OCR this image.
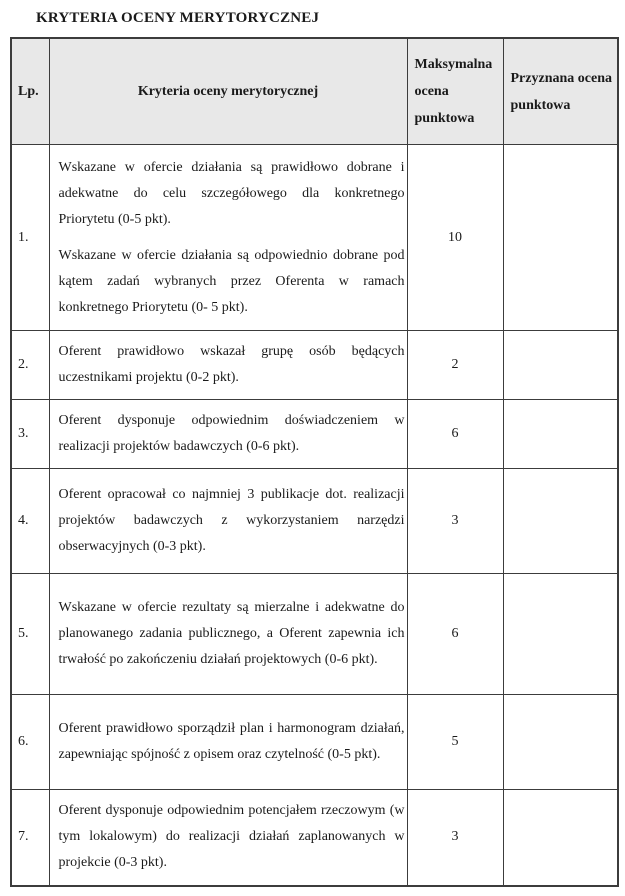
KRYTERIA OCENY MERYTORYCZNEJ
Lp.	Kryteria oceny merytorycznej	Maksymalna ocena punktowa	Przyznana ocena punktowa
1.	Wskazane w ofercie działania są prawidłowo dobrane i adekwatne do celu szczegółowego dla konkretnego Priorytetu (0-5 pkt).

Wskazane w ofercie działania są odpowiednio dobrane pod kątem zadań wybranych przez Oferenta w ramach konkretnego Priorytetu (0- 5 pkt).	10	
2.	Oferent prawidłowo wskazał grupę osób będących uczestnikami projektu (0-2 pkt).	2	
3.	Oferent dysponuje odpowiednim doświadczeniem w realizacji projektów badawczych (0-6 pkt).	6	
4.	Oferent opracował co najmniej 3 publikacje dot. realizacji projektów badawczych z wykorzystaniem narzędzi obserwacyjnych (0-3 pkt).	3	
5.	Wskazane w ofercie rezultaty są mierzalne i adekwatne do planowanego zadania publicznego, a Oferent zapewnia ich trwałość po zakończeniu działań projektowych (0-6 pkt).	6	
6.	Oferent prawidłowo sporządził plan i harmonogram działań, zapewniając spójność z opisem oraz czytelność (0-5 pkt).	5	
7.	Oferent dysponuje odpowiednim potencjałem rzeczowym (w tym lokalowym) do realizacji działań zaplanowanych w projekcie (0-3 pkt).	3	
